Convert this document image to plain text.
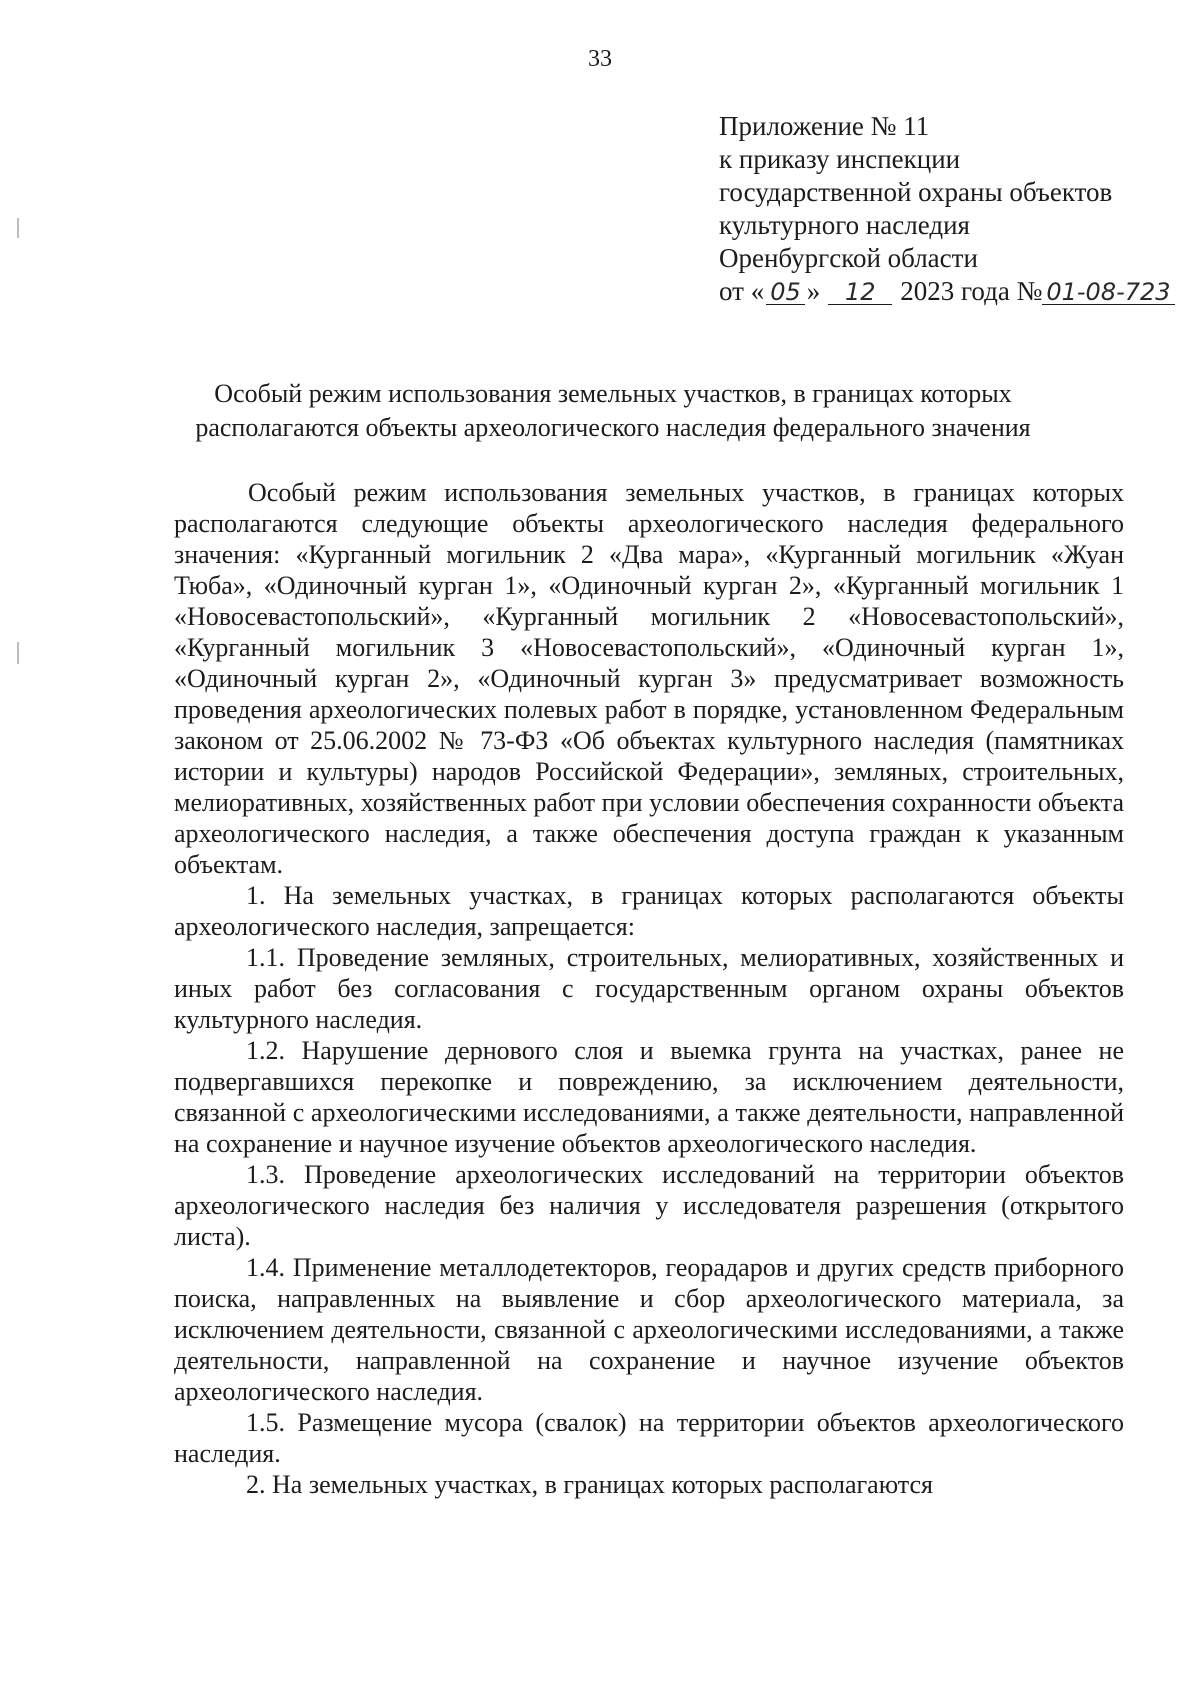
33
Приложение № 11
к приказу инспекции
государственной охраны объектов
культурного наследия
Оренбургской области
от « 05 » 12 2023 года № 01-08-723
Особый режим использования земельных участков, в границах которых
располагаются объекты археологического наследия федерального значения

Особый режим использования земельных участков, в границах которых располагаются следующие объекты археологического наследия федерального значения: «Курганный могильник 2 «Два мара», «Курганный могильник «Жуан Тюба», «Одиночный курган 1», «Одиночный курган 2», «Курганный могильник 1 «Новосевастопольский», «Курганный могильник 2 «Новосевастопольский», «Курганный могильник 3 «Новосевастопольский», «Одиночный курган 1», «Одиночный курган 2», «Одиночный курган 3» предусматривает возможность проведения археологических полевых работ в порядке, установленном Федеральным законом от 25.06.2002 № 73-ФЗ «Об объектах культурного наследия (памятниках истории и культуры) народов Российской Федерации», земляных, строительных, мелиоративных, хозяйственных работ при условии обеспечения сохранности объекта археологического наследия, а также обеспечения доступа граждан к указанным объектам.

1. На земельных участках, в границах которых располагаются объекты археологического наследия, запрещается:

1.1. Проведение земляных, строительных, мелиоративных, хозяйственных и иных работ без согласования с государственным органом охраны объектов культурного наследия.

1.2. Нарушение дернового слоя и выемка грунта на участках, ранее не подвергавшихся перекопке и повреждению, за исключением деятельности, связанной с археологическими исследованиями, а также деятельности, направленной на сохранение и научное изучение объектов археологического наследия.

1.3. Проведение археологических исследований на территории объектов археологического наследия без наличия у исследователя разрешения (открытого листа).

1.4. Применение металлодетекторов, георадаров и других средств приборного поиска, направленных на выявление и сбор археологического материала, за исключением деятельности, связанной с археологическими исследованиями, а также деятельности, направленной на сохранение и научное изучение объектов археологического наследия.

1.5. Размещение мусора (свалок) на территории объектов археологического наследия.

2. На земельных участках, в границах которых располагаются
